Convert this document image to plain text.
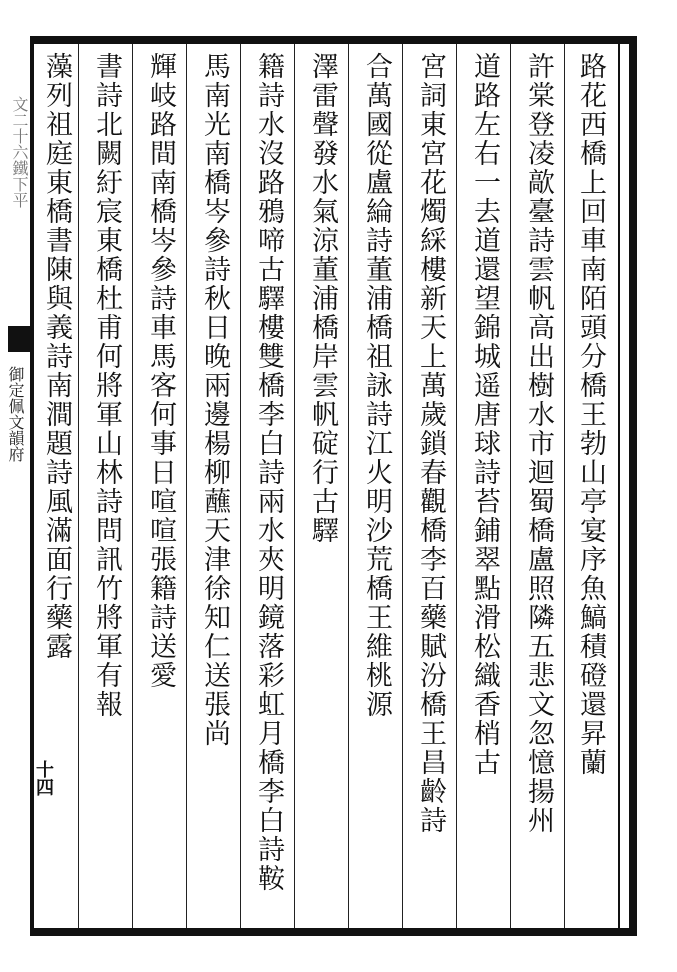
文二十六鐵下平
御定佩文韻府
十四
路花西橋上回車南陌頭分橋王勃山亭宴序魚鰝積磴還昇蘭
許棠登凌歊臺詩雲帆高出樹水市迴蜀橋盧照隣五悲文忽憶揚州
道路左右一去道還望錦城遥唐球詩苔鋪翠點滑松織香梢古
宮詞東宮花燭綵樓新天上萬歲鎖春觀橋李百藥賦汾橋王昌齡詩
合萬國從盧綸詩董浦橋祖詠詩江火明沙荒橋王維桃源
澤雷聲發水氣涼董浦橋岸雲帆碇行古驛
籍詩水沒路鴉啼古驛樓雙橋李白詩兩水夾明鏡落彩虹月橋李白詩鞍
馬南光南橋岑參詩秋日晚兩邊楊柳蘸天津徐知仁送張尚
輝岐路間南橋岑參詩車馬客何事日喧喧張籍詩送愛
書詩北闕紆宸東橋杜甫何將軍山林詩問訊竹將軍有報
藻列祖庭東橋書陳與義詩南澗題詩風滿面行藥露
